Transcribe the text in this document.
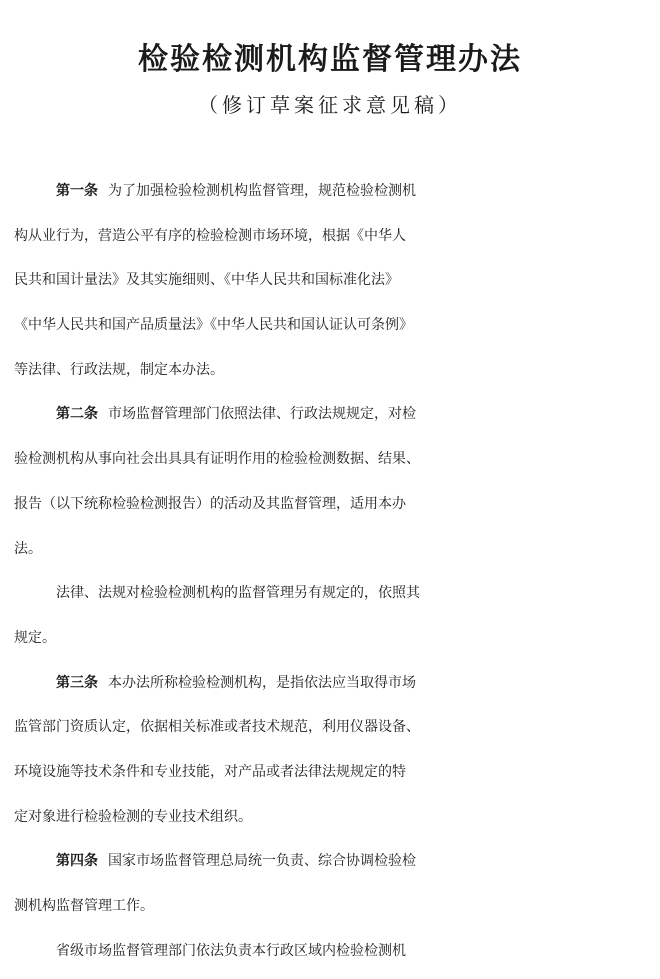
检验检测机构监督管理办法
（修订草案征求意见稿）
第一条 为了加强检验检测机构监督管理，规范检验检测机
构从业行为，营造公平有序的检验检测市场环境，根据《中华人
民共和国计量法》及其实施细则、《中华人民共和国标准化法》
《中华人民共和国产品质量法》《中华人民共和国认证认可条例》
等法律、行政法规，制定本办法。
第二条 市场监督管理部门依照法律、行政法规规定，对检
验检测机构从事向社会出具具有证明作用的检验检测数据、结果、
报告（以下统称检验检测报告）的活动及其监督管理，适用本办
法。
法律、法规对检验检测机构的监督管理另有规定的，依照其
规定。
第三条 本办法所称检验检测机构，是指依法应当取得市场
监管部门资质认定，依据相关标准或者技术规范，利用仪器设备、
环境设施等技术条件和专业技能，对产品或者法律法规规定的特
定对象进行检验检测的专业技术组织。
第四条 国家市场监督管理总局统一负责、综合协调检验检
测机构监督管理工作。
省级市场监督管理部门依法负责本行政区域内检验检测机
